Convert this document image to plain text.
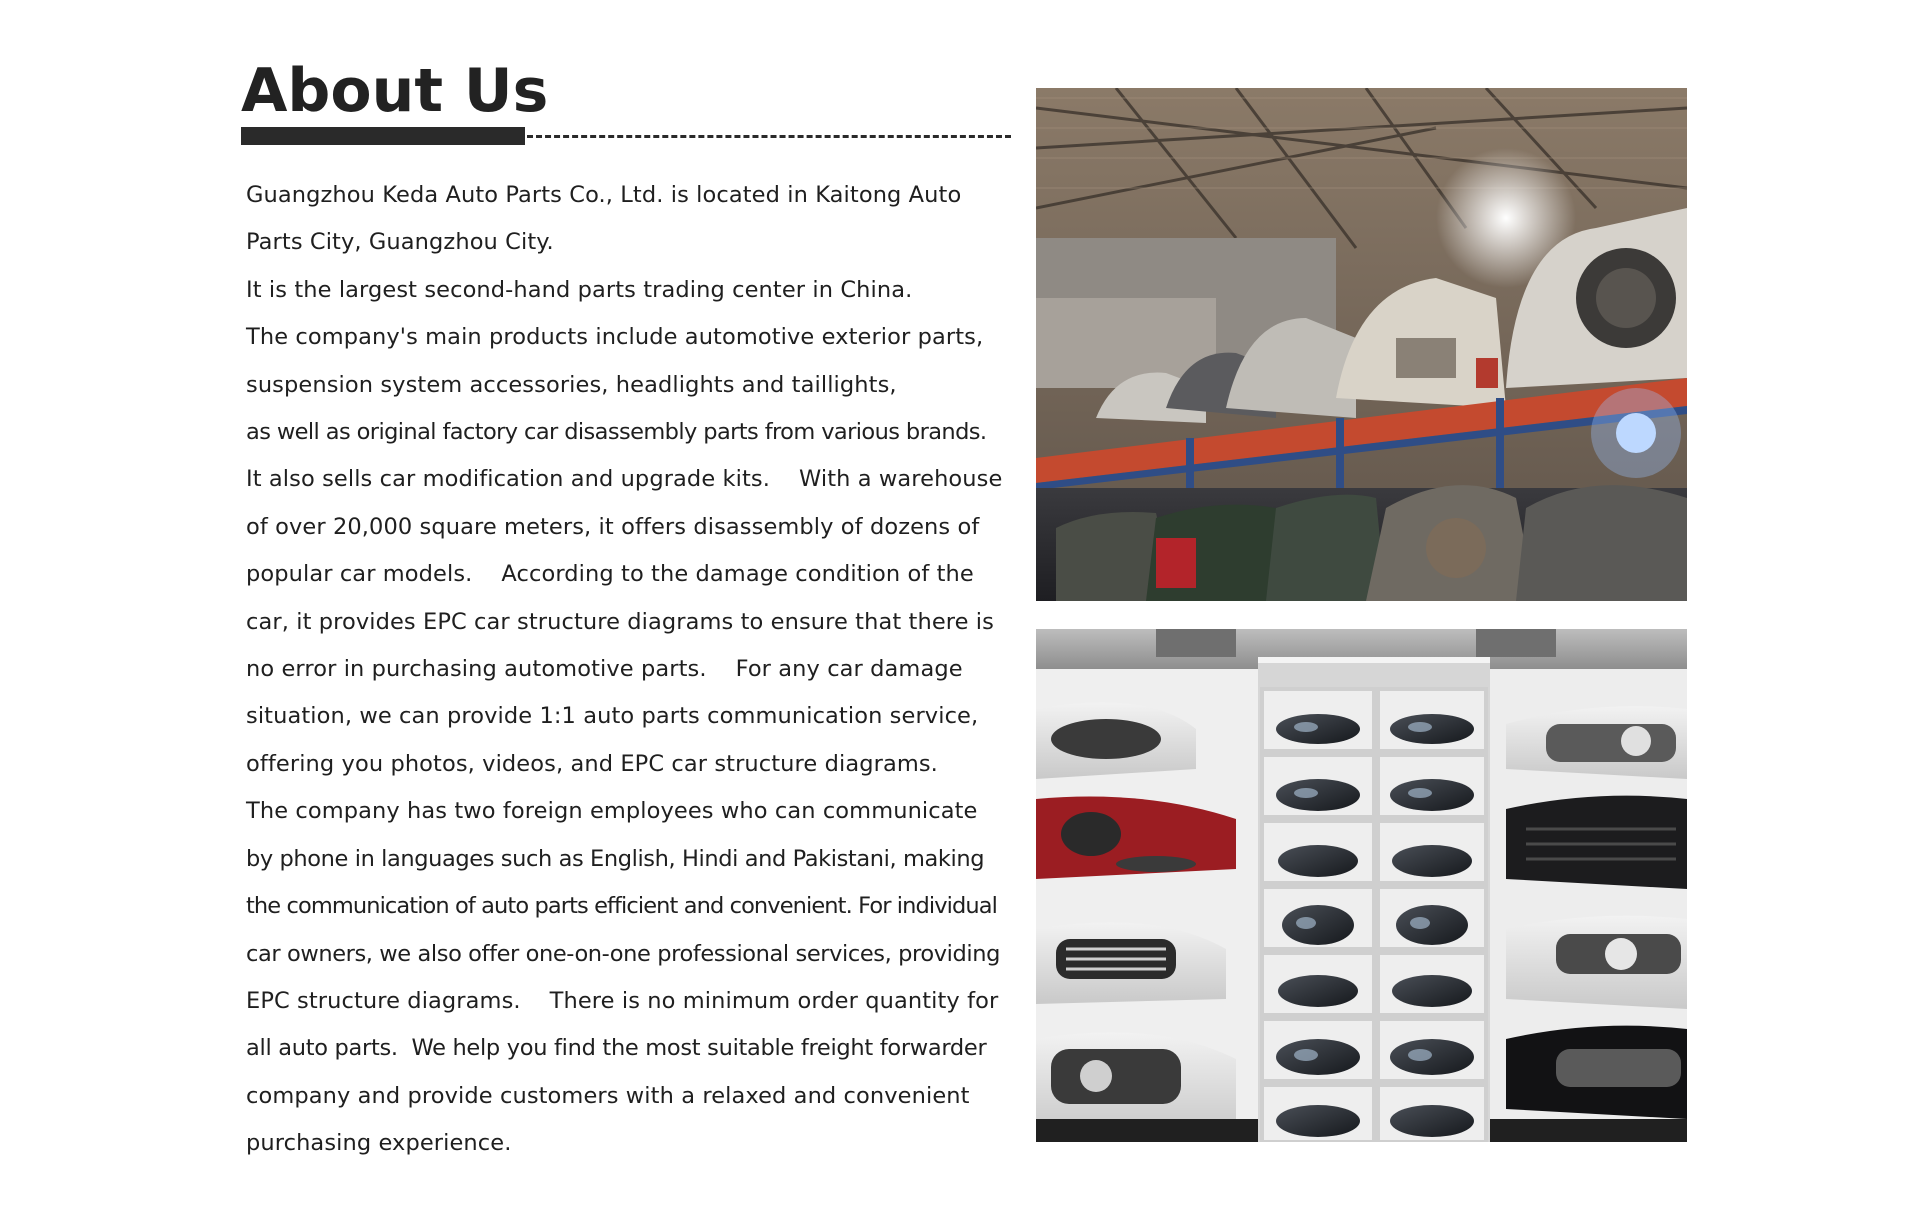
About Us
Guangzhou Keda Auto Parts Co., Ltd. is located in Kaitong Auto
Parts City, Guangzhou City.
It is the largest second-hand parts trading center in China.
The company's main products include automotive exterior parts,
suspension system accessories, headlights and taillights,
as well as original factory car disassembly parts from various brands.
It also sells car modification and upgrade kits.    With a warehouse
of over 20,000 square meters, it offers disassembly of dozens of
popular car models.    According to the damage condition of the
car, it provides EPC car structure diagrams to ensure that there is
no error in purchasing automotive parts.    For any car damage
situation, we can provide 1:1 auto parts communication service,
offering you photos, videos, and EPC car structure diagrams.
The company has two foreign employees who can communicate
by phone in languages such as English, Hindi and Pakistani, making
the communication of auto parts efficient and convenient. For individual
car owners, we also offer one-on-one professional services, providing
EPC structure diagrams.    There is no minimum order quantity for
all auto parts.  We help you find the most suitable freight forwarder
company and provide customers with a relaxed and convenient
purchasing experience.
